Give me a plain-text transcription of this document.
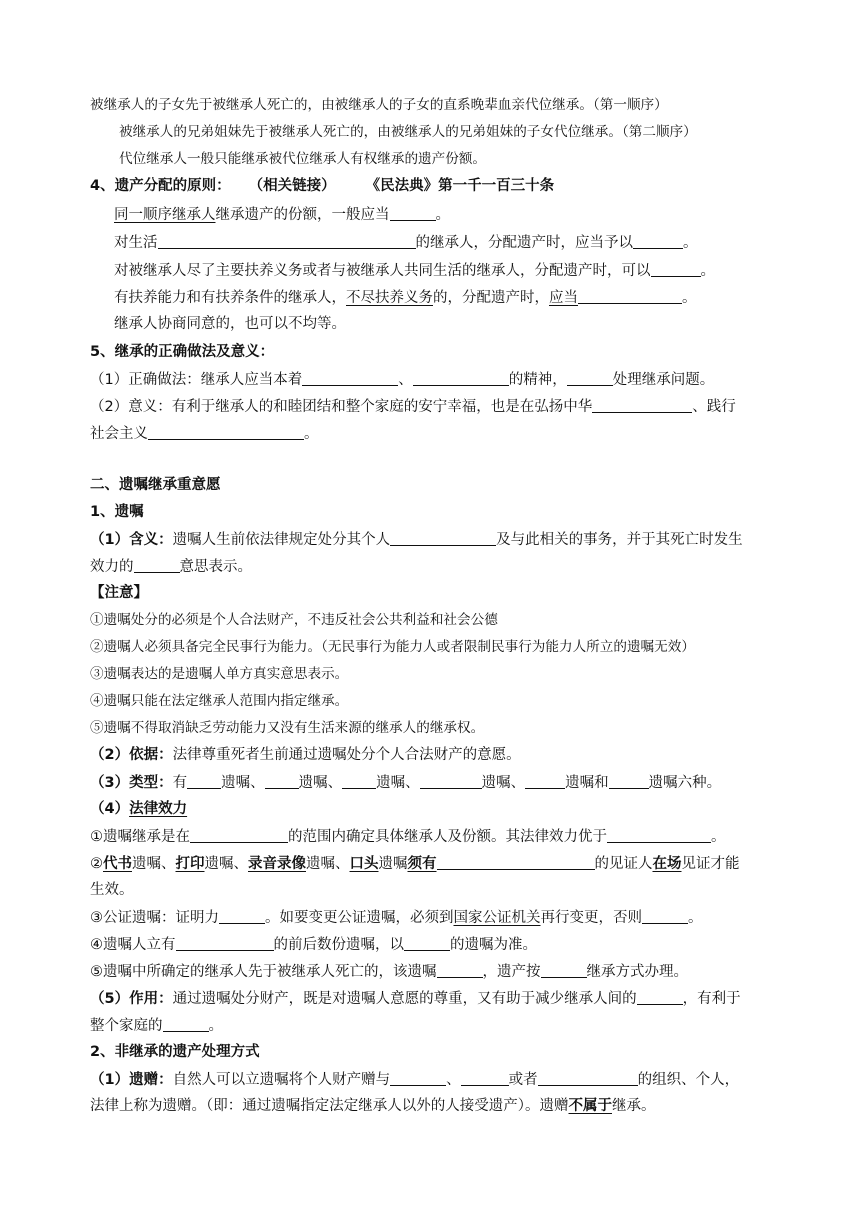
被继承人的子女先于被继承人死亡的，由被继承人的子女的直系晚辈血亲代位继承。（第一顺序）
被继承人的兄弟姐妹先于被继承人死亡的，由被继承人的兄弟姐妹的子女代位继承。（第二顺序）
代位继承人一般只能继承被代位继承人有权继承的遗产份额。
4、遗产分配的原则： （相关链接） 《民法典》第一千一百三十条
同一顺序继承人继承遗产的份额，一般应当	。
对生活	的继承人，分配遗产时，应当予以	。
对被继承人尽了主要扶养义务或者与被继承人共同生活的继承人，分配遗产时，可以	。
有扶养能力和有扶养条件的继承人，不尽扶养义务的，分配遗产时，应当	。
继承人协商同意的，也可以不均等。
5、继承的正确做法及意义：
（1）正确做法：继承人应当本着	、	的精神，	处理继承问题。
（2）意义：有利于继承人的和睦团结和整个家庭的安宁幸福，也是在弘扬中华	、践行
社会主义	。
二、遗嘱继承重意愿
1、遗嘱
（1）含义：遗嘱人生前依法律规定处分其个人	及与此相关的事务，并于其死亡时发生
效力的	意思表示。
【注意】
①遗嘱处分的必须是个人合法财产，不违反社会公共利益和社会公德
②遗嘱人必须具备完全民事行为能力。（无民事行为能力人或者限制民事行为能力人所立的遗嘱无效）
③遗嘱表达的是遗嘱人单方真实意思表示。
④遗嘱只能在法定继承人范围内指定继承。
⑤遗嘱不得取消缺乏劳动能力又没有生活来源的继承人的继承权。
（2）依据：法律尊重死者生前通过遗嘱处分个人合法财产的意愿。
（3）类型：有 遗嘱、 遗嘱、 遗嘱、	遗嘱、	遗嘱和	遗嘱六种。
（4）法律效力
①遗嘱继承是在	的范围内确定具体继承人及份额。其法律效力优于	。
②代书遗嘱、打印遗嘱、录音录像遗嘱、口头遗嘱须有	的见证人在场见证才能
生效。
③公证遗嘱：证明力	。如要变更公证遗嘱，必须到国家公证机关再行变更，否则	。
④遗嘱人立有	的前后数份遗嘱，以	的遗嘱为准。
⑤遗嘱中所确定的继承人先于被继承人死亡的，该遗嘱	，遗产按	继承方式办理。
（5）作用：通过遗嘱处分财产，既是对遗嘱人意愿的尊重，又有助于减少继承人间的	，有利于
整个家庭的	。
2、非继承的遗产处理方式
（1）遗赠：自然人可以立遗嘱将个人财产赠与	、	或者	的组织、个人，
法律上称为遗赠。（即：通过遗嘱指定法定继承人以外的人接受遗产）。遗赠不属于继承。
